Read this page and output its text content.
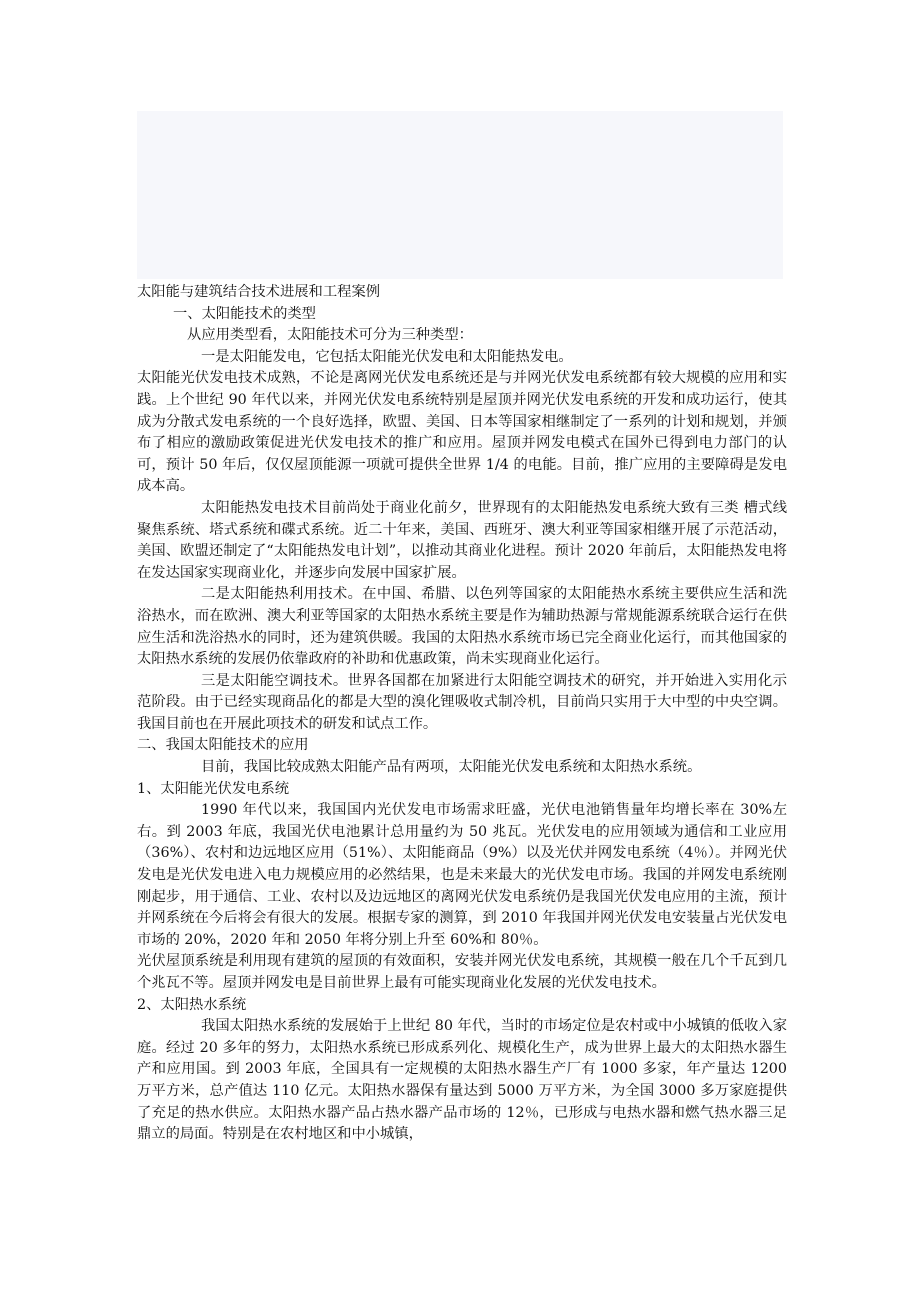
太阳能与建筑结合技术进展和工程案例

一、太阳能技术的类型

从应用类型看，太阳能技术可分为三种类型：

一是太阳能发电，它包括太阳能光伏发电和太阳能热发电。

太阳能光伏发电技术成熟，不论是离网光伏发电系统还是与并网光伏发电系统都有较大规模的应用和实践。上个世纪 90 年代以来，并网光伏发电系统特别是屋顶并网光伏发电系统的开发和成功运行，使其成为分散式发电系统的一个良好选择，欧盟、美国、日本等国家相继制定了一系列的计划和规划，并颁布了相应的激励政策促进光伏发电技术的推广和应用。屋顶并网发电模式在国外已得到电力部门的认可，预计 50 年后，仅仅屋顶能源一项就可提供全世界 1/4 的电能。目前，推广应用的主要障碍是发电成本高。

太阳能热发电技术目前尚处于商业化前夕，世界现有的太阳能热发电系统大致有三类 槽式线聚焦系统、塔式系统和碟式系统。近二十年来，美国、西班牙、澳大利亚等国家相继开展了示范活动，美国、欧盟还制定了“太阳能热发电计划”，以推动其商业化进程。预计 2020 年前后，太阳能热发电将在发达国家实现商业化，并逐步向发展中国家扩展。

二是太阳能热利用技术。在中国、希腊、以色列等国家的太阳能热水系统主要供应生活和洗浴热水，而在欧洲、澳大利亚等国家的太阳热水系统主要是作为辅助热源与常规能源系统联合运行在供应生活和洗浴热水的同时，还为建筑供暖。我国的太阳热水系统市场已完全商业化运行，而其他国家的太阳热水系统的发展仍依靠政府的补助和优惠政策，尚未实现商业化运行。

三是太阳能空调技术。世界各国都在加紧进行太阳能空调技术的研究，并开始进入实用化示范阶段。由于已经实现商品化的都是大型的溴化锂吸收式制冷机，目前尚只实用于大中型的中央空调。我国目前也在开展此项技术的研发和试点工作。

二、我国太阳能技术的应用

目前，我国比较成熟太阳能产品有两项，太阳能光伏发电系统和太阳热水系统。

1、太阳能光伏发电系统

1990 年代以来，我国国内光伏发电市场需求旺盛，光伏电池销售量年均增长率在 30%左右。到 2003 年底，我国光伏电池累计总用量约为 50 兆瓦。光伏发电的应用领域为通信和工业应用（36%）、农村和边远地区应用（51%）、太阳能商品（9%）以及光伏并网发电系统（4％）。并网光伏发电是光伏发电进入电力规模应用的必然结果，也是未来最大的光伏发电市场。我国的并网发电系统刚刚起步，用于通信、工业、农村以及边远地区的离网光伏发电系统仍是我国光伏发电应用的主流，预计并网系统在今后将会有很大的发展。根据专家的测算，到 2010 年我国并网光伏发电安装量占光伏发电市场的 20%，2020 年和 2050 年将分别上升至 60%和 80％。

光伏屋顶系统是利用现有建筑的屋顶的有效面积，安装并网光伏发电系统，其规模一般在几个千瓦到几个兆瓦不等。屋顶并网发电是目前世界上最有可能实现商业化发展的光伏发电技术。

2、太阳热水系统

我国太阳热水系统的发展始于上世纪 80 年代，当时的市场定位是农村或中小城镇的低收入家庭。经过 20 多年的努力，太阳热水系统已形成系列化、规模化生产，成为世界上最大的太阳热水器生产和应用国。到 2003 年底，全国具有一定规模的太阳热水器生产厂有 1000 多家，年产量达 1200 万平方米，总产值达 110 亿元。太阳热水器保有量达到 5000 万平方米，为全国 3000 多万家庭提供了充足的热水供应。太阳热水器产品占热水器产品市场的 12％，已形成与电热水器和燃气热水器三足鼎立的局面。特别是在农村地区和中小城镇，
